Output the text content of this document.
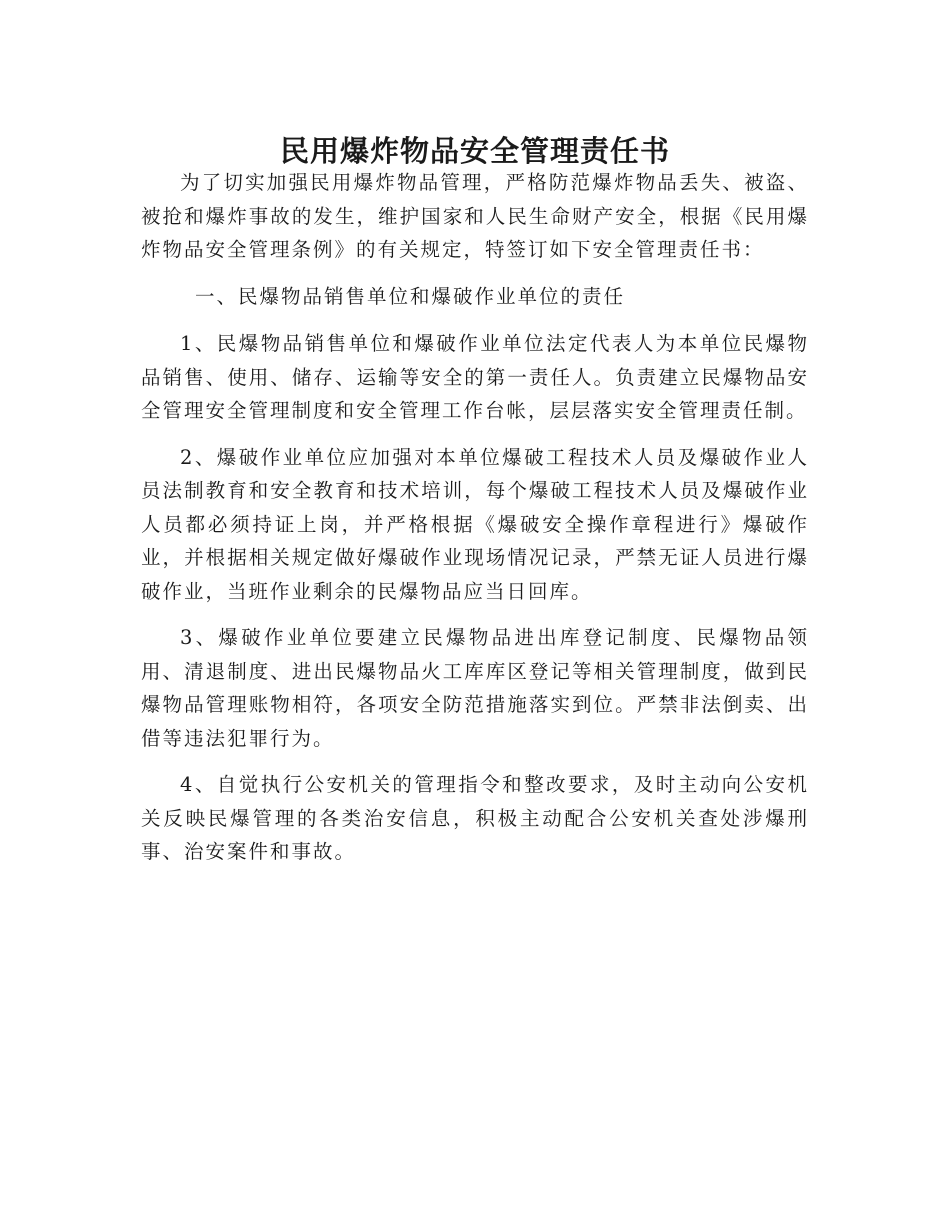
民用爆炸物品安全管理责任书

为了切实加强民用爆炸物品管理，严格防范爆炸物品丢失、被盗、被抢和爆炸事故的发生，维护国家和人民生命财产安全，根据《民用爆炸物品安全管理条例》的有关规定，特签订如下安全管理责任书：

一、民爆物品销售单位和爆破作业单位的责任

1、民爆物品销售单位和爆破作业单位法定代表人为本单位民爆物品销售、使用、储存、运输等安全的第一责任人。负责建立民爆物品安全管理安全管理制度和安全管理工作台帐，层层落实安全管理责任制。

2、爆破作业单位应加强对本单位爆破工程技术人员及爆破作业人员法制教育和安全教育和技术培训，每个爆破工程技术人员及爆破作业人员都必须持证上岗，并严格根据《爆破安全操作章程进行》爆破作业，并根据相关规定做好爆破作业现场情况记录，严禁无证人员进行爆破作业，当班作业剩余的民爆物品应当日回库。

3、爆破作业单位要建立民爆物品进出库登记制度、民爆物品领用、清退制度、进出民爆物品火工库库区登记等相关管理制度，做到民爆物品管理账物相符，各项安全防范措施落实到位。严禁非法倒卖、出借等违法犯罪行为。

4、自觉执行公安机关的管理指令和整改要求，及时主动向公安机关反映民爆管理的各类治安信息，积极主动配合公安机关查处涉爆刑事、治安案件和事故。
